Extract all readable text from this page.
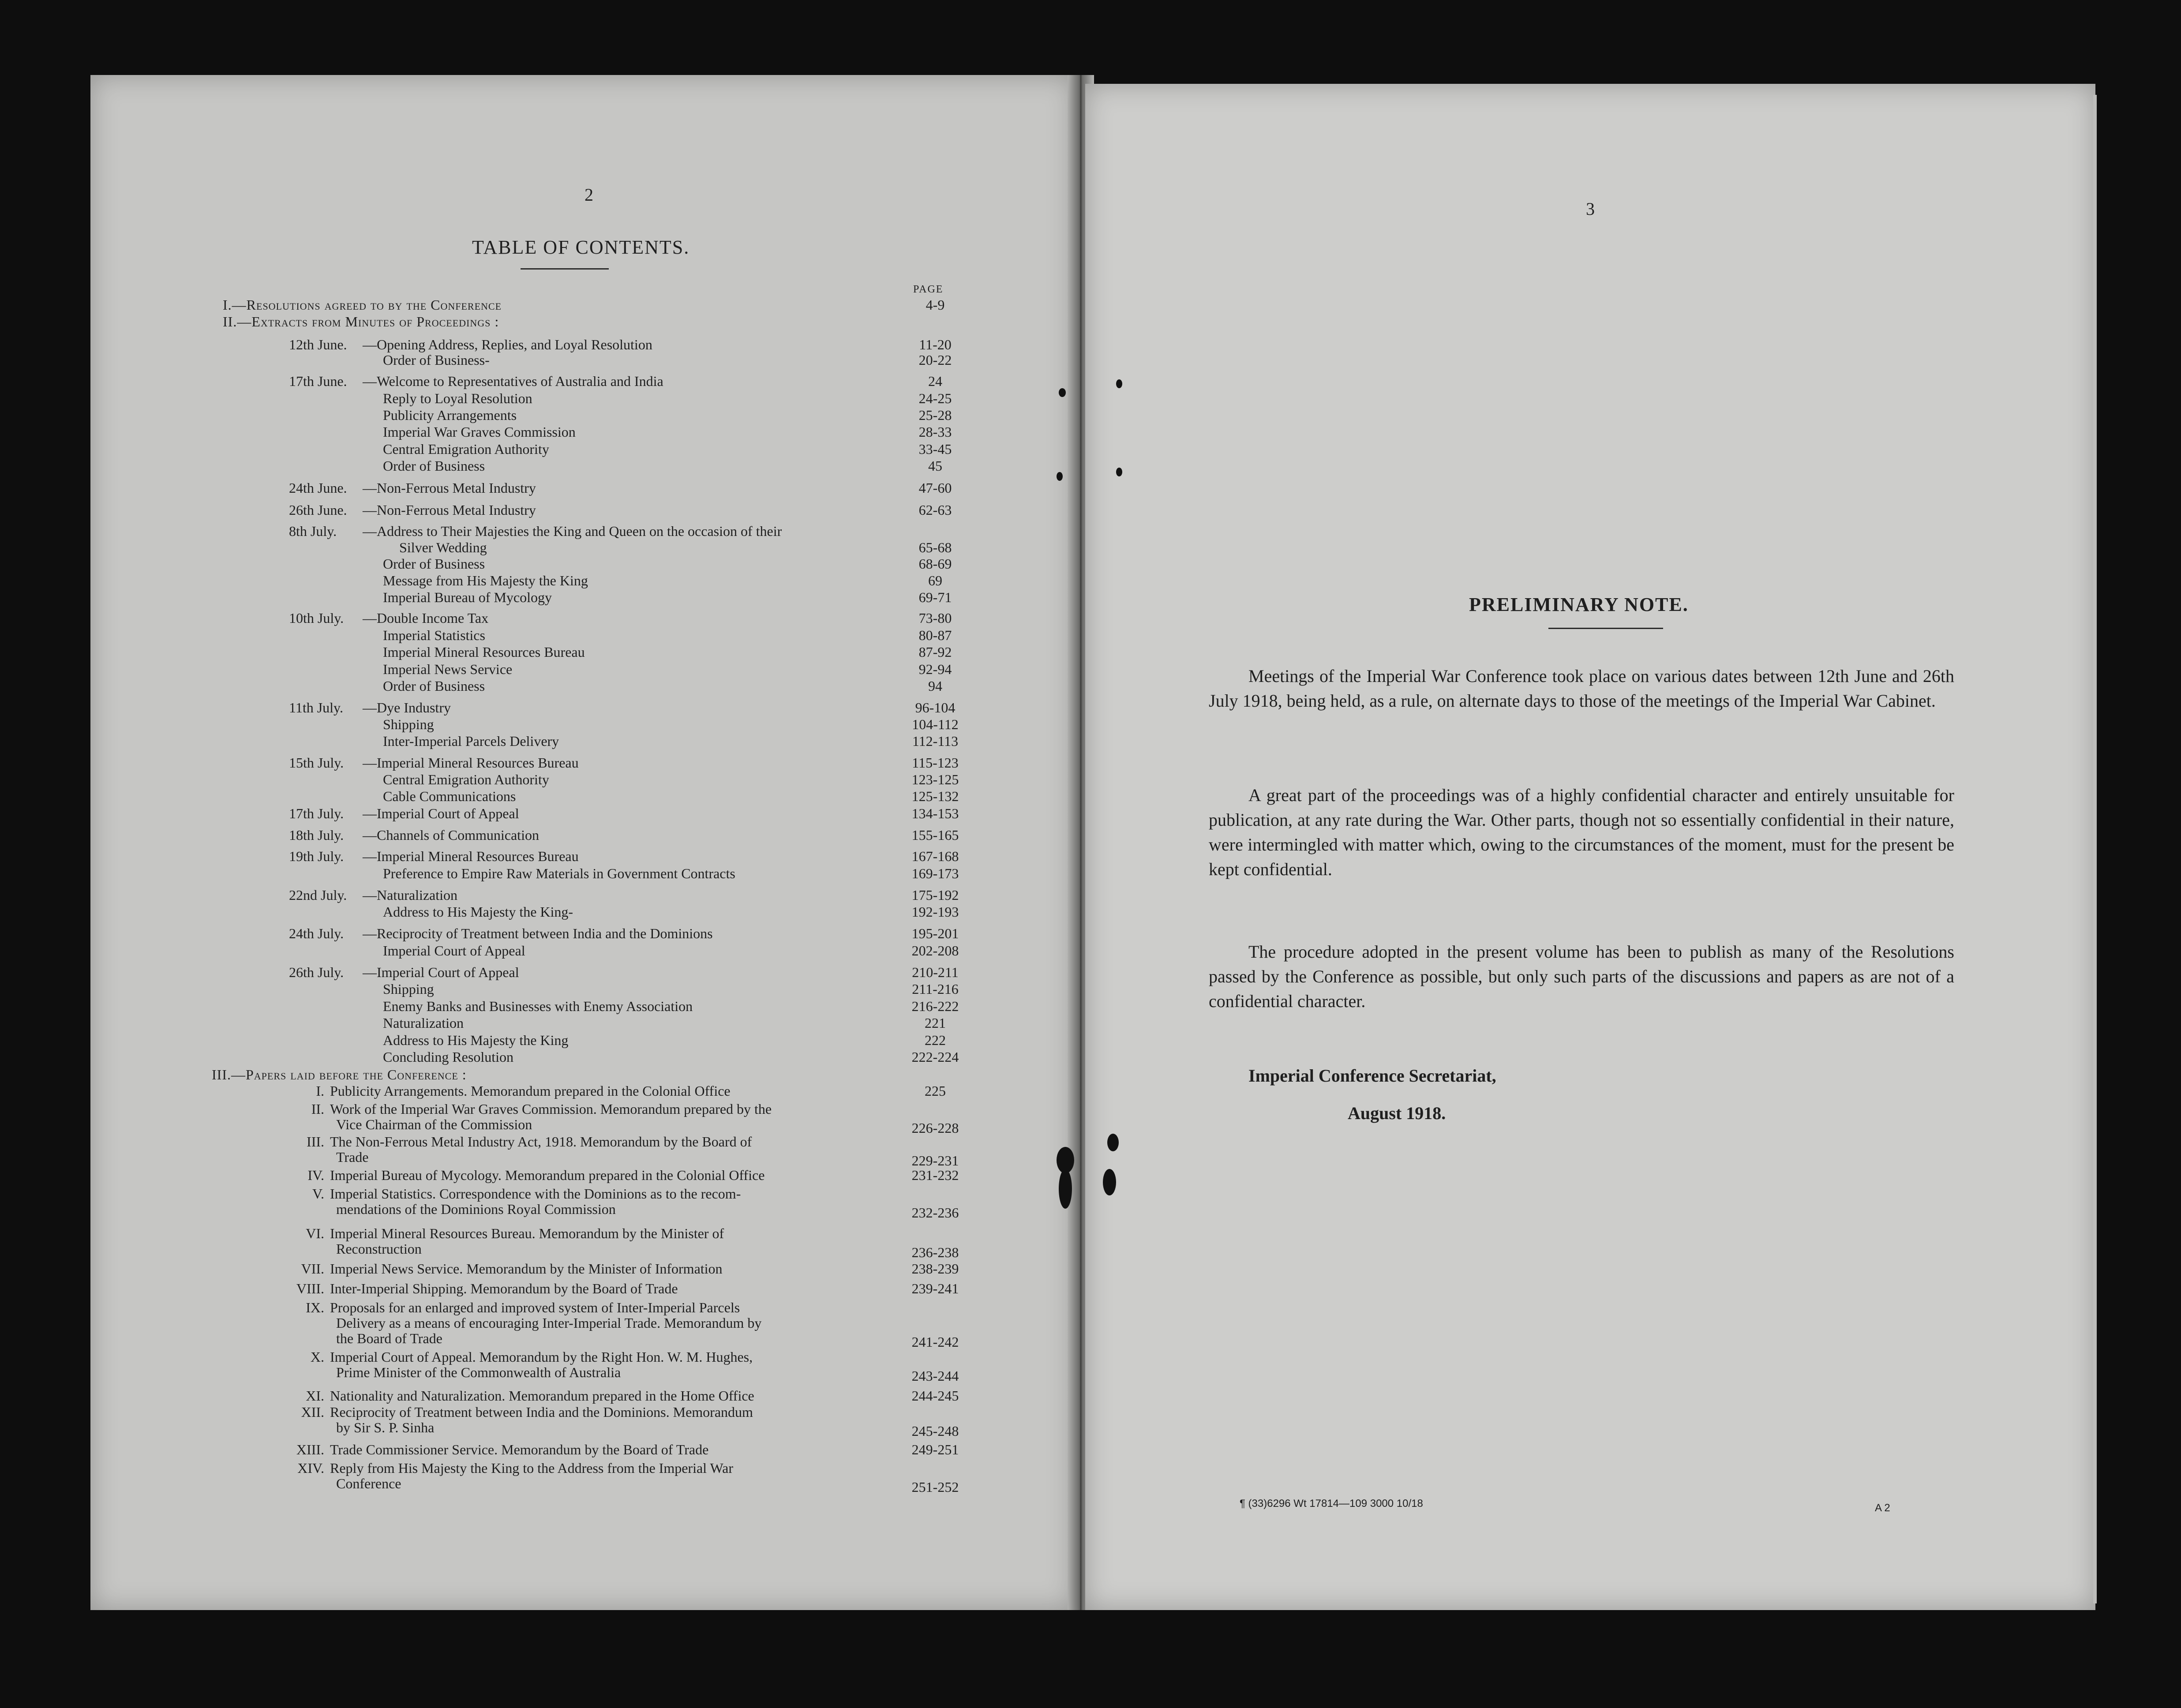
2
TABLE OF CONTENTS.
PAGE
I.—Resolutions agreed to by the Conference	4-9
II.—Extracts from Minutes of Proceedings :
12th June. —Opening Address, Replies, and Loyal Resolution	11-20
Order of Business-	20-22
17th June. —Welcome to Representatives of Australia and India	24
Reply to Loyal Resolution	24-25
Publicity Arrangements	25-28
Imperial War Graves Commission	28-33
Central Emigration Authority	33-45
Order of Business	45
24th June. —Non-Ferrous Metal Industry	47-60
26th June. —Non-Ferrous Metal Industry	62-63
8th July. —Address to Their Majesties the King and Queen on the occasion of their
Silver Wedding	65-68
Order of Business	68-69
Message from His Majesty the King	69
Imperial Bureau of Mycology	69-71
10th July. —Double Income Tax	73-80
Imperial Statistics	80-87
Imperial Mineral Resources Bureau	87-92
Imperial News Service	92-94
Order of Business	94
11th July. —Dye Industry	96-104
Shipping	104-112
Inter-Imperial Parcels Delivery	112-113
15th July. —Imperial Mineral Resources Bureau	115-123
Central Emigration Authority	123-125
Cable Communications	125-132
17th July. —Imperial Court of Appeal	134-153
18th July. —Channels of Communication	155-165
19th July. —Imperial Mineral Resources Bureau	167-168
Preference to Empire Raw Materials in Government Contracts	169-173
22nd July. —Naturalization	175-192
Address to His Majesty the King-	192-193
24th July. —Reciprocity of Treatment between India and the Dominions	195-201
Imperial Court of Appeal	202-208
26th July. —Imperial Court of Appeal	210-211
Shipping	211-216
Enemy Banks and Businesses with Enemy Association	216-222
Naturalization	221
Address to His Majesty the King	222
Concluding Resolution	222-224
III.—Papers laid before the Conference :
I. Publicity Arrangements. Memorandum prepared in the Colonial Office	225
II. Work of the Imperial War Graves Commission. Memorandum prepared by the
Vice Chairman of the Commission	226-228
III. The Non-Ferrous Metal Industry Act, 1918. Memorandum by the Board of
Trade	229-231
IV. Imperial Bureau of Mycology. Memorandum prepared in the Colonial Office	231-232
V. Imperial Statistics. Correspondence with the Dominions as to the recom-
mendations of the Dominions Royal Commission	232-236
VI. Imperial Mineral Resources Bureau. Memorandum by the Minister of
Reconstruction	236-238
VII. Imperial News Service. Memorandum by the Minister of Information	238-239
VIII. Inter-Imperial Shipping. Memorandum by the Board of Trade	239-241
IX. Proposals for an enlarged and improved system of Inter-Imperial Parcels
Delivery as a means of encouraging Inter-Imperial Trade. Memorandum by
the Board of Trade	241-242
X. Imperial Court of Appeal. Memorandum by the Right Hon. W. M. Hughes,
Prime Minister of the Commonwealth of Australia	243-244
XI. Nationality and Naturalization. Memorandum prepared in the Home Office	244-245
XII. Reciprocity of Treatment between India and the Dominions. Memorandum
by Sir S. P. Sinha	245-248
XIII. Trade Commissioner Service. Memorandum by the Board of Trade	249-251
XIV. Reply from His Majesty the King to the Address from the Imperial War
Conference	251-252
3
PRELIMINARY NOTE.
Meetings of the Imperial War Conference took place on various dates between 12th June and 26th July 1918, being held, as a rule, on alternate days to those of the meetings of the Imperial War Cabinet.
A great part of the proceedings was of a highly confidential character and entirely unsuitable for publication, at any rate during the War. Other parts, though not so essentially confidential in their nature, were intermingled with matter which, owing to the circumstances of the moment, must for the present be kept confidential.
The procedure adopted in the present volume has been to publish as many of the Resolutions passed by the Conference as possible, but only such parts of the discussions and papers as are not of a confidential character.
Imperial Conference Secretariat,
August 1918.
¶ (33)6296 Wt 17814—109 3000 10/18	A 2
